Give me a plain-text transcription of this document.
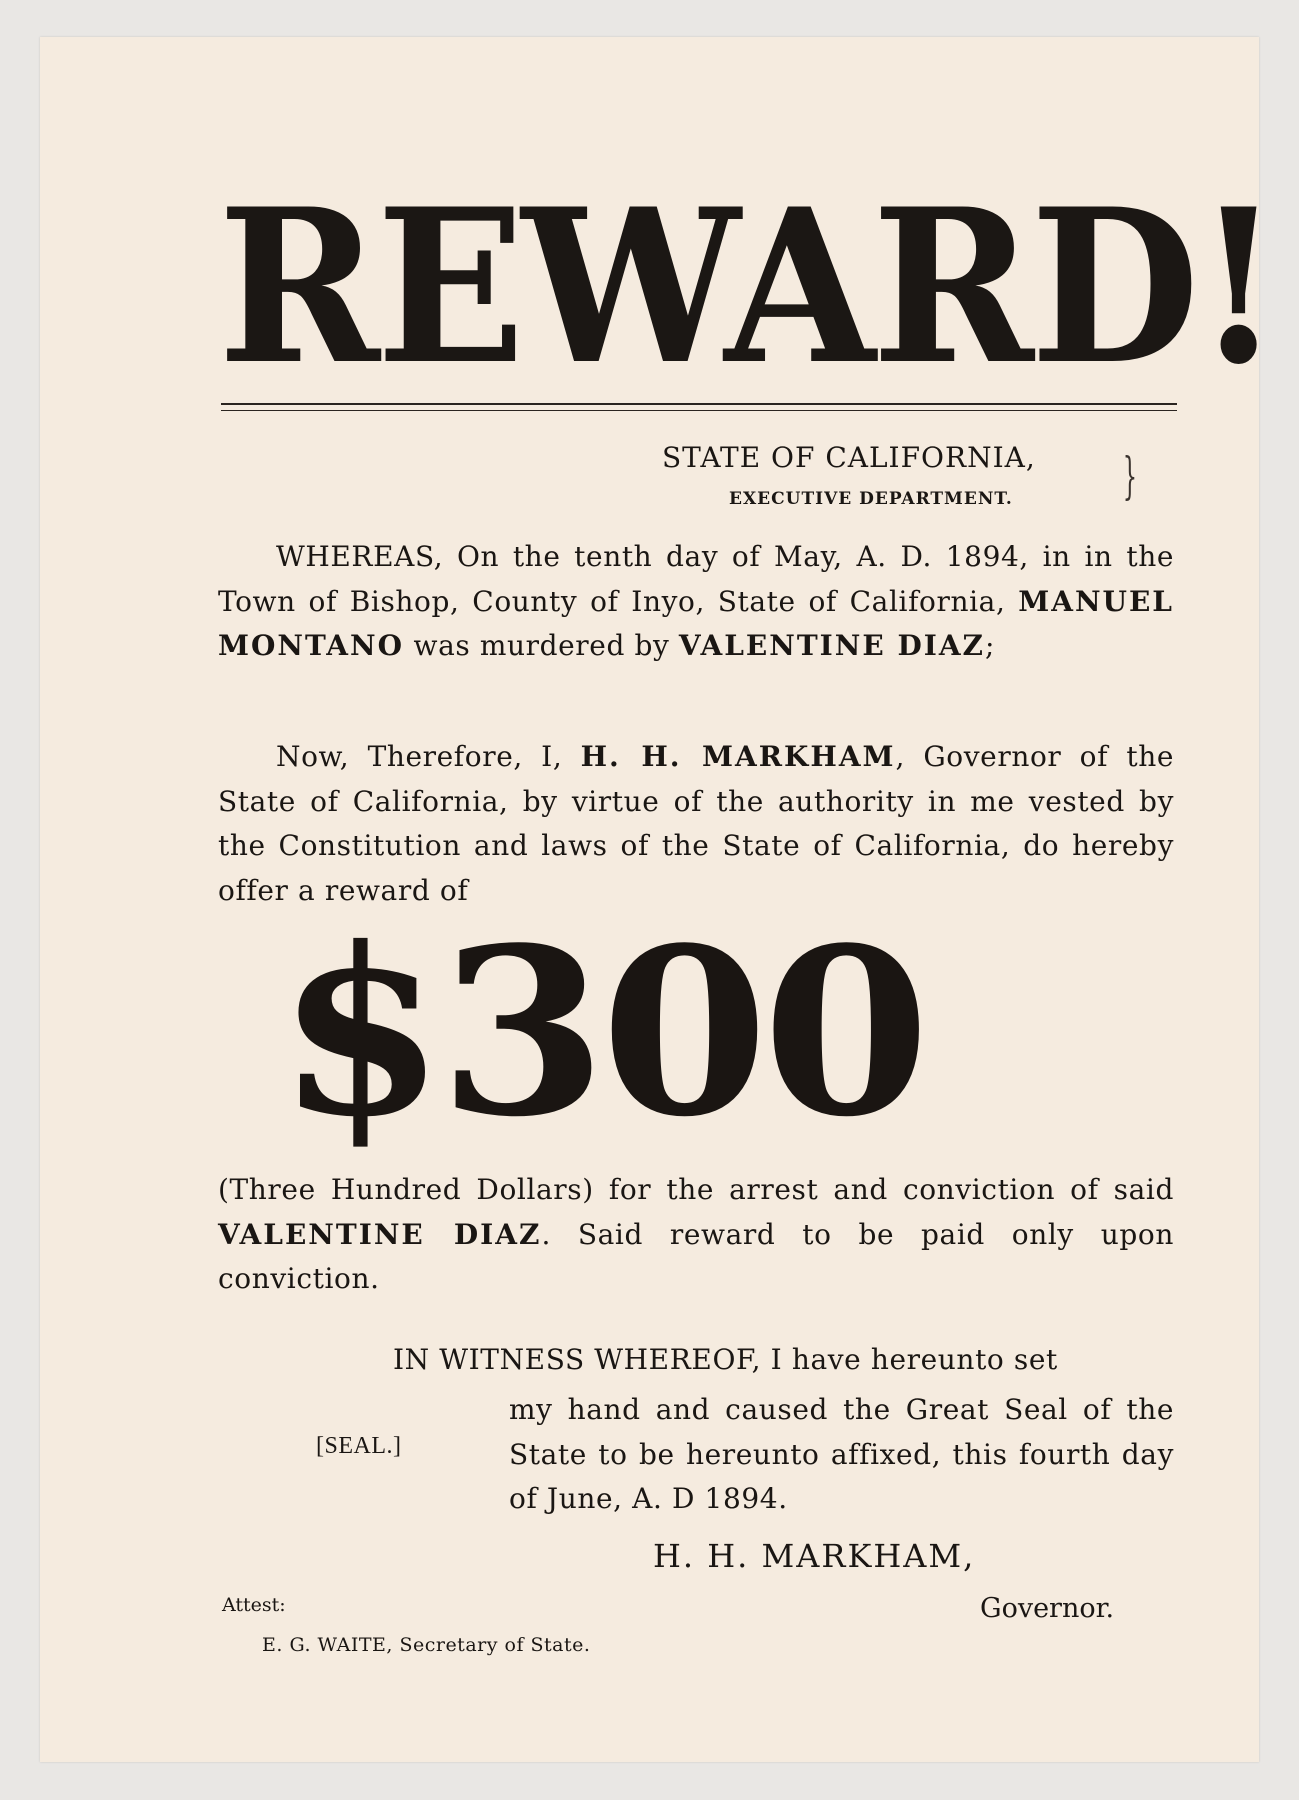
REWARD!
STATE OF CALIFORNIA,
EXECUTIVE DEPARTMENT. }

WHEREAS, On the tenth day of May, A. D. 1894, in in the Town of Bishop, County of Inyo, State of California, MANUEL MONTANO was murdered by VALENTINE DIAZ;

Now, Therefore, I, H. H. MARKHAM, Governor of the State of California, by virtue of the authority in me vested by the Constitution and laws of the State of California, do hereby offer a reward of

$300

(Three Hundred Dollars) for the arrest and conviction of said VALENTINE DIAZ. Said reward to be paid only upon conviction.

IN WITNESS WHEREOF, I have hereunto set

my hand and caused the Great Seal of the State to be hereunto affixed, this fourth day of June, A. D 1894.

[SEAL.]
H. H. MARKHAM,
Governor.
Attest:
E. G. WAITE, Secretary of State.
